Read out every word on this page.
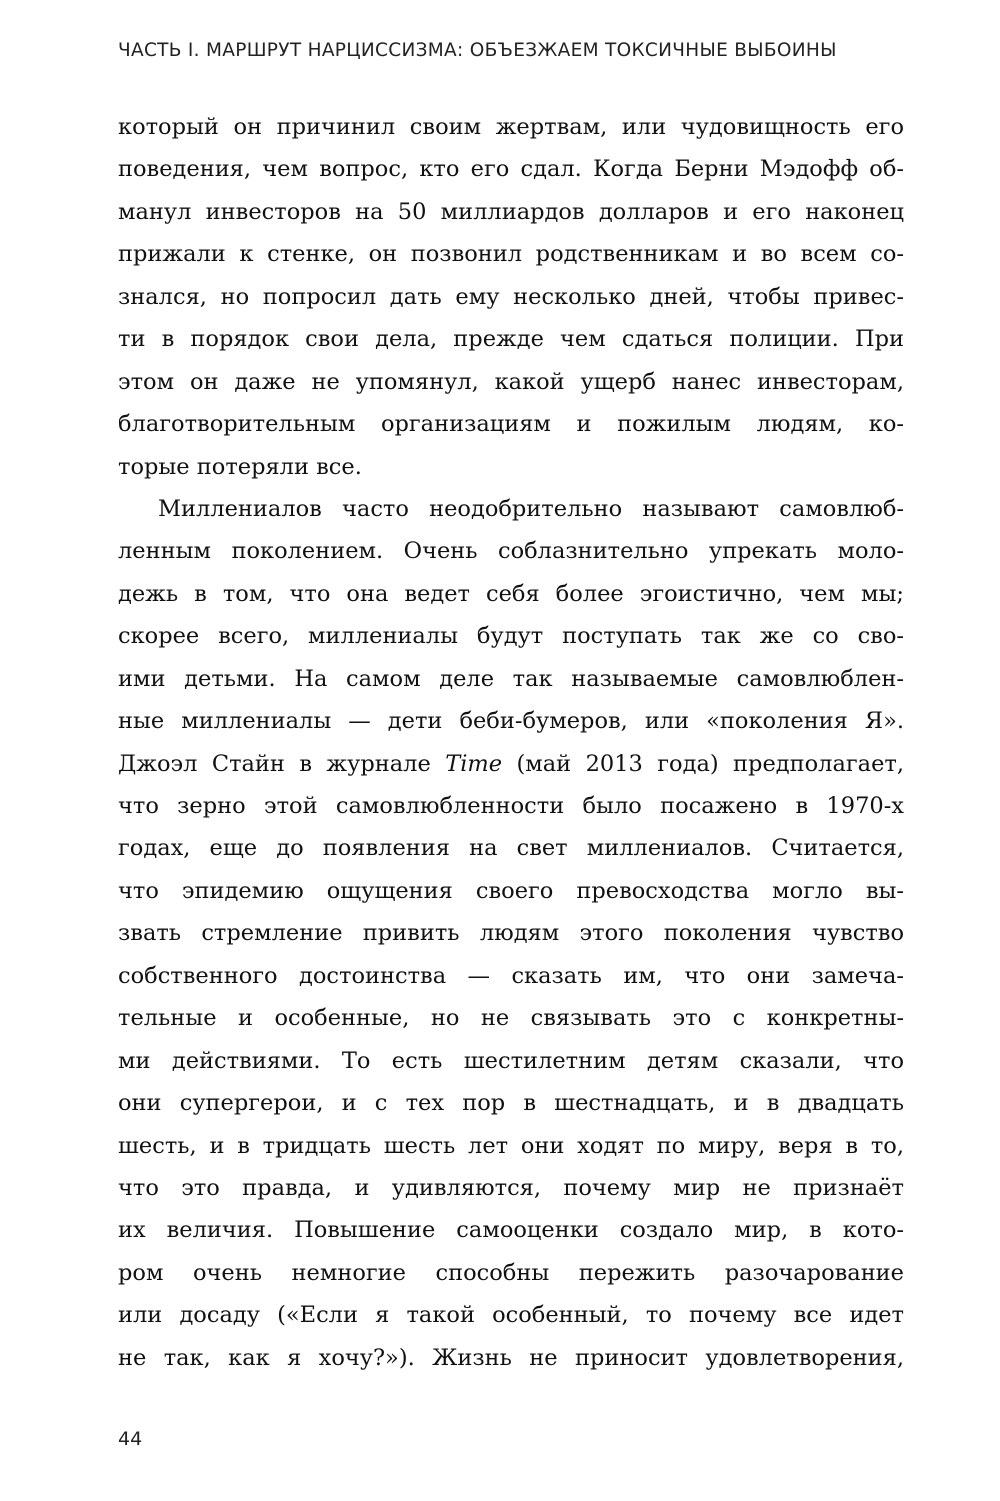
ЧАСТЬ I. МАРШРУТ НАРЦИССИЗМА: ОБЪЕЗЖАЕМ ТОКСИЧНЫЕ ВЫБОИНЫ
который он причинил своим жертвам, или чудовищность его
поведения, чем вопрос, кто его сдал. Когда Берни Мэдофф об-
манул инвесторов на 50 миллиардов долларов и его наконец
прижали к стенке, он позвонил родственникам и во всем со-
знался, но попросил дать ему несколько дней, чтобы привес-
ти в порядок свои дела, прежде чем сдаться полиции. При
этом он даже не упомянул, какой ущерб нанес инвесторам,
благотворительным организациям и пожилым людям, ко-
торые потеряли все.
Миллениалов часто неодобрительно называют самовлюб-
ленным поколением. Очень соблазнительно упрекать моло-
дежь в том, что она ведет себя более эгоистично, чем мы;
скорее всего, миллениалы будут поступать так же со сво-
ими детьми. На самом деле так называемые самовлюблен-
ные миллениалы — дети беби-бумеров, или «поколения Я».
Джоэл Стайн в журнале Time (май 2013 года) предполагает,
что зерно этой самовлюбленности было посажено в 1970-х
годах, еще до появления на свет миллениалов. Считается,
что эпидемию ощущения своего превосходства могло вы-
звать стремление привить людям этого поколения чувство
собственного достоинства — сказать им, что они замеча-
тельные и особенные, но не связывать это с конкретны-
ми действиями. То есть шестилетним детям сказали, что
они супергерои, и с тех пор в шестнадцать, и в двадцать
шесть, и в тридцать шесть лет они ходят по миру, веря в то,
что это правда, и удивляются, почему мир не признаёт
их величия. Повышение самооценки создало мир, в кото-
ром очень немногие способны пережить разочарование
или досаду («Если я такой особенный, то почему все идет
не так, как я хочу?»). Жизнь не приносит удовлетворения,
44
